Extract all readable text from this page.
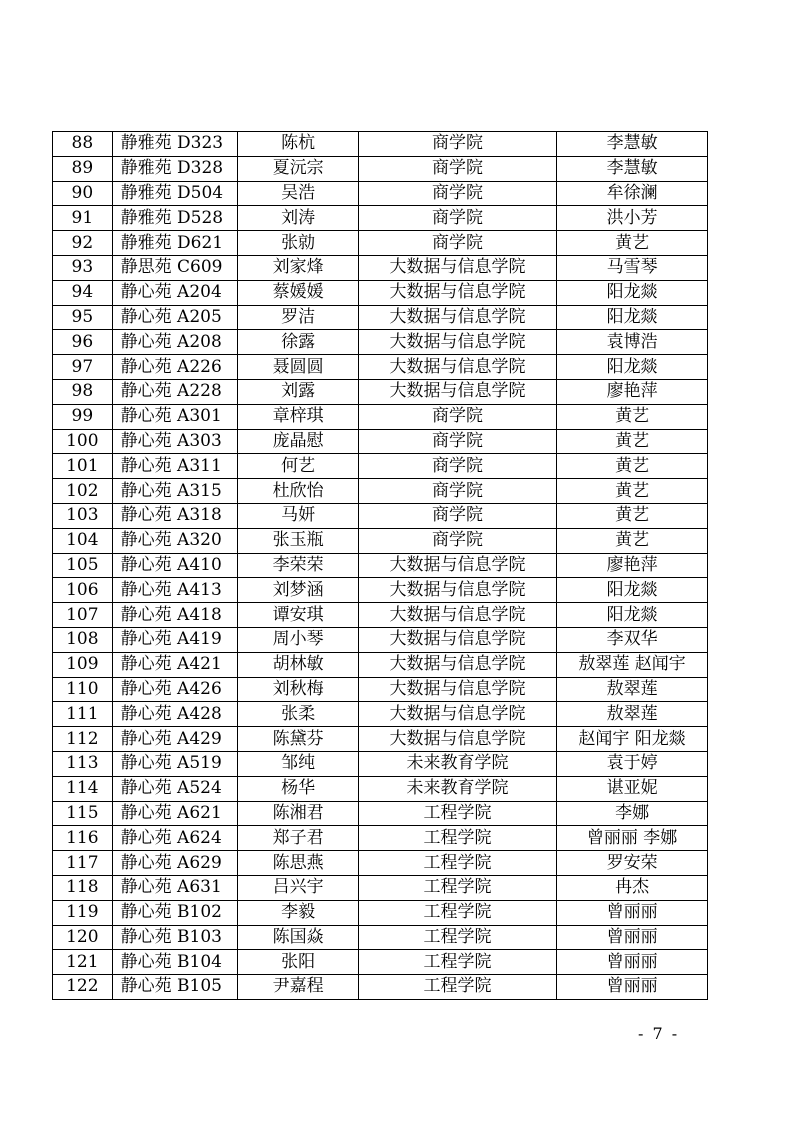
88	静雅苑 D323	陈杭	商学院	李慧敏	
89	静雅苑 D328	夏沅宗	商学院	李慧敏	
90	静雅苑 D504	吴浩	商学院	牟徐澜	
91	静雅苑 D528	刘涛	商学院	洪小芳	
92	静雅苑 D621	张勍	商学院	黄艺	
93	静思苑 C609	刘家烽	大数据与信息学院	马雪琴	
94	静心苑 A204	蔡媛媛	大数据与信息学院	阳龙燚	
95	静心苑 A205	罗洁	大数据与信息学院	阳龙燚	
96	静心苑 A208	徐露	大数据与信息学院	袁博浩	
97	静心苑 A226	聂圆圆	大数据与信息学院	阳龙燚	
98	静心苑 A228	刘露	大数据与信息学院	廖艳萍	
99	静心苑 A301	章梓琪	商学院	黄艺	
100	静心苑 A303	庞晶慰	商学院	黄艺	
101	静心苑 A311	何艺	商学院	黄艺	
102	静心苑 A315	杜欣怡	商学院	黄艺	
103	静心苑 A318	马妍	商学院	黄艺	
104	静心苑 A320	张玉瓶	商学院	黄艺	
105	静心苑 A410	李荣荣	大数据与信息学院	廖艳萍	
106	静心苑 A413	刘梦涵	大数据与信息学院	阳龙燚	
107	静心苑 A418	谭安琪	大数据与信息学院	阳龙燚	
108	静心苑 A419	周小琴	大数据与信息学院	李双华	
109	静心苑 A421	胡林敏	大数据与信息学院	敖翠莲 赵闻宇	
110	静心苑 A426	刘秋梅	大数据与信息学院	敖翠莲	
111	静心苑 A428	张柔	大数据与信息学院	敖翠莲	
112	静心苑 A429	陈黛芬	大数据与信息学院	赵闻宇 阳龙燚	
113	静心苑 A519	邹纯	未来教育学院	袁于婷	
114	静心苑 A524	杨华	未来教育学院	谌亚妮	
115	静心苑 A621	陈湘君	工程学院	李娜	
116	静心苑 A624	郑子君	工程学院	曾丽丽 李娜	
117	静心苑 A629	陈思燕	工程学院	罗安荣	
118	静心苑 A631	吕兴宇	工程学院	冉杰	
119	静心苑 B102	李毅	工程学院	曾丽丽	
120	静心苑 B103	陈国焱	工程学院	曾丽丽	
121	静心苑 B104	张阳	工程学院	曾丽丽	
122	静心苑 B105	尹嘉程	工程学院	曾丽丽	
- 7 -
